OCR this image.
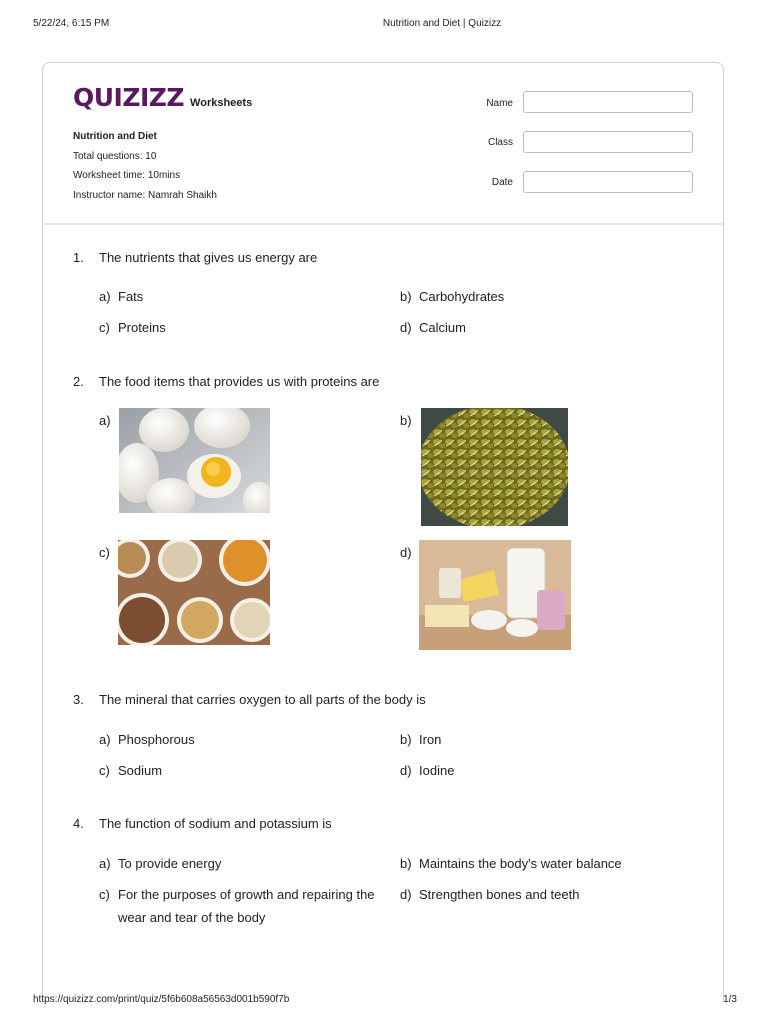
5/22/24, 6:15 PM	Nutrition and Diet | Quizizz
QUIZIZZ Worksheets
Nutrition and Diet
Total questions: 10
Worksheet time: 10mins
Instructor name: Namrah Shaikh
Name
Class
Date
1. The nutrients that gives us energy are
a) Fats	b) Carbohydrates
c) Proteins	d) Calcium
2. The food items that provides us with proteins are
a)	b)
c)	d)
3. The mineral that carries oxygen to all parts of the body is
a) Phosphorous	b) Iron
c) Sodium	d) Iodine
4. The function of sodium and potassium is
a) To provide energy	b) Maintains the body's water balance
c) For the purposes of growth and repairing the wear and tear of the body
d) Strengthen bones and teeth
https://quizizz.com/print/quiz/5f6b608a56563d001b590f7b	1/3
